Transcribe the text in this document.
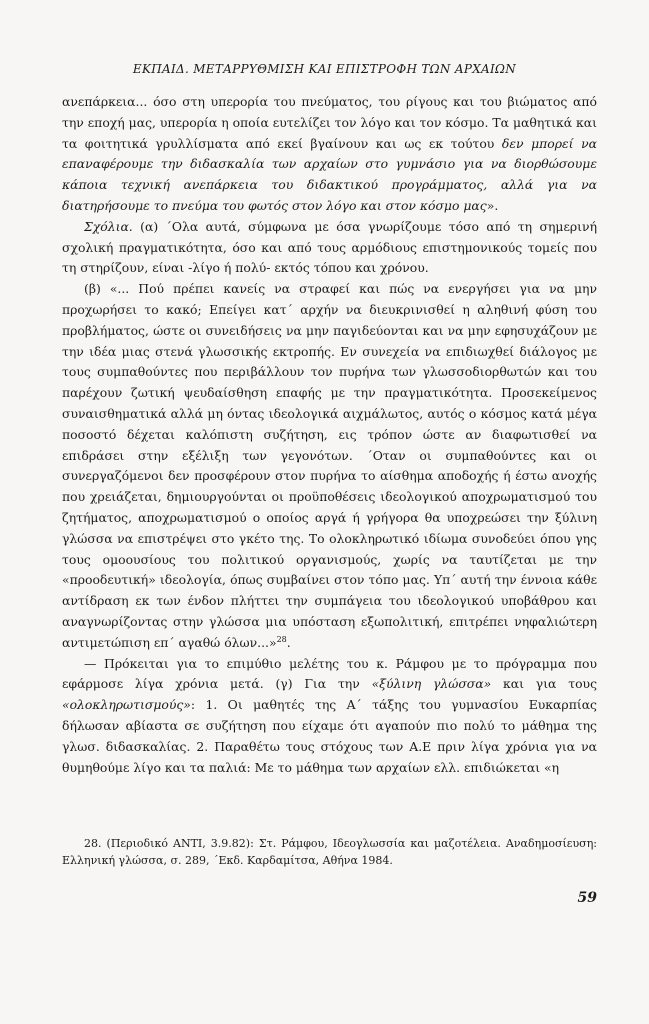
ΕΚΠΑΙΔ. ΜΕΤΑΡΡΥΘΜΙΣΗ ΚΑΙ ΕΠΙΣΤΡΟΦΗ ΤΩΝ ΑΡΧΑΙΩΝ

ανεπάρκεια... όσο στη υπερορία του πνεύματος, του ρίγους και του βιώματος από την εποχή μας, υπερορία η οποία ευτελίζει τον λόγο και τον κόσμο. Τα μαθητικά και τα φοιτητικά γρυλλίσματα από εκεί βγαίνουν και ως εκ τούτου δεν μπορεί να επαναφέρουμε την διδασκαλία των αρχαίων στο γυμνάσιο για να διορθώσουμε κάποια τεχνική ανεπάρκεια του διδακτικού προγράμματος, αλλά για να διατηρήσουμε το πνεύμα του φωτός στον λόγο και στον κόσμο μας».

Σχόλια. (α) ΄Ολα αυτά, σύμφωνα με όσα γνωρίζουμε τόσο από τη σημερινή σχολική πραγματικότητα, όσο και από τους αρμόδιους επιστημονικούς τομείς που τη στηρίζουν, είναι -λίγο ή πολύ- εκτός τόπου και χρόνου.

(β) «... Πού πρέπει κανείς να στραφεί και πώς να ενεργήσει για να μην προχωρήσει το κακό; Επείγει κατ΄ αρχήν να διευκρινισθεί η αληθινή φύση του προβλήματος, ώστε οι συνειδήσεις να μην παγιδεύονται και να μην εφησυχάζουν με την ιδέα μιας στενά γλωσσικής εκτροπής. Εν συνεχεία να επιδιωχθεί διάλογος με τους συμπαθούντες που περιβάλλουν τον πυρήνα των γλωσσοδιορθωτών και του παρέχουν ζωτική ψευδαίσθηση επαφής με την πραγματικότητα. Προσεκείμενος συναισθηματικά αλλά μη όντας ιδεολογικά αιχμάλωτος, αυτός ο κόσμος κατά μέγα ποσοστό δέχεται καλόπιστη συζήτηση, εις τρόπον ώστε αν διαφωτισθεί να επιδράσει στην εξέλιξη των γεγονότων. ΄Οταν οι συμπαθούντες και οι συνεργαζόμενοι δεν προσφέρουν στον πυρήνα το αίσθημα αποδοχής ή έστω ανοχής που χρειάζεται, δημιουργούνται οι προϋποθέσεις ιδεολογικού αποχρωματισμού του ζητήματος, αποχρωματισμού ο οποίος αργά ή γρήγορα θα υποχρεώσει την ξύλινη γλώσσα να επιστρέψει στο γκέτο της. Το ολοκληρωτικό ιδίωμα συνοδεύει όπου γης τους ομοουσίους του πολιτικού οργανισμούς, χωρίς να ταυτίζεται με την «προοδευτική» ιδεολογία, όπως συμβαίνει στον τόπο μας. Υπ΄ αυτή την έννοια κάθε αντίδραση εκ των ένδον πλήττει την συμπάγεια του ιδεολογικού υποβάθρου και αναγνωρίζοντας στην γλώσσα μια υπόσταση εξωπολιτική, επιτρέπει νηφαλιώτερη αντιμετώπιση επ΄ αγαθώ όλων...»$^{28}$.

— Πρόκειται για το επιμύθιο μελέτης του κ. Ράμφου με το πρόγραμμα που εφάρμοσε λίγα χρόνια μετά. (γ) Για την «ξύλινη γλώσσα» και για τους «ολοκληρωτισμούς»: 1. Οι μαθητές της Α΄ τάξης του γυμνασίου Ευκαρπίας δήλωσαν αβίαστα σε συζήτηση που είχαμε ότι αγαπούν πιο πολύ το μάθημα της γλωσ. διδασκαλίας. 2. Παραθέτω τους στόχους των Α.Ε πριν λίγα χρόνια για να θυμηθούμε λίγο και τα παλιά: Με το μάθημα των αρχαίων ελλ. επιδιώκεται «η

28. (Περιοδικό ΑΝΤΙ, 3.9.82): Στ. Ράμφου, Ιδεογλωσσία και μαζοτέλεια. Αναδημοσίευση: Ελληνική γλώσσα, σ. 289, ΄Εκδ. Καρδαμίτσα, Αθήνα 1984.

59
